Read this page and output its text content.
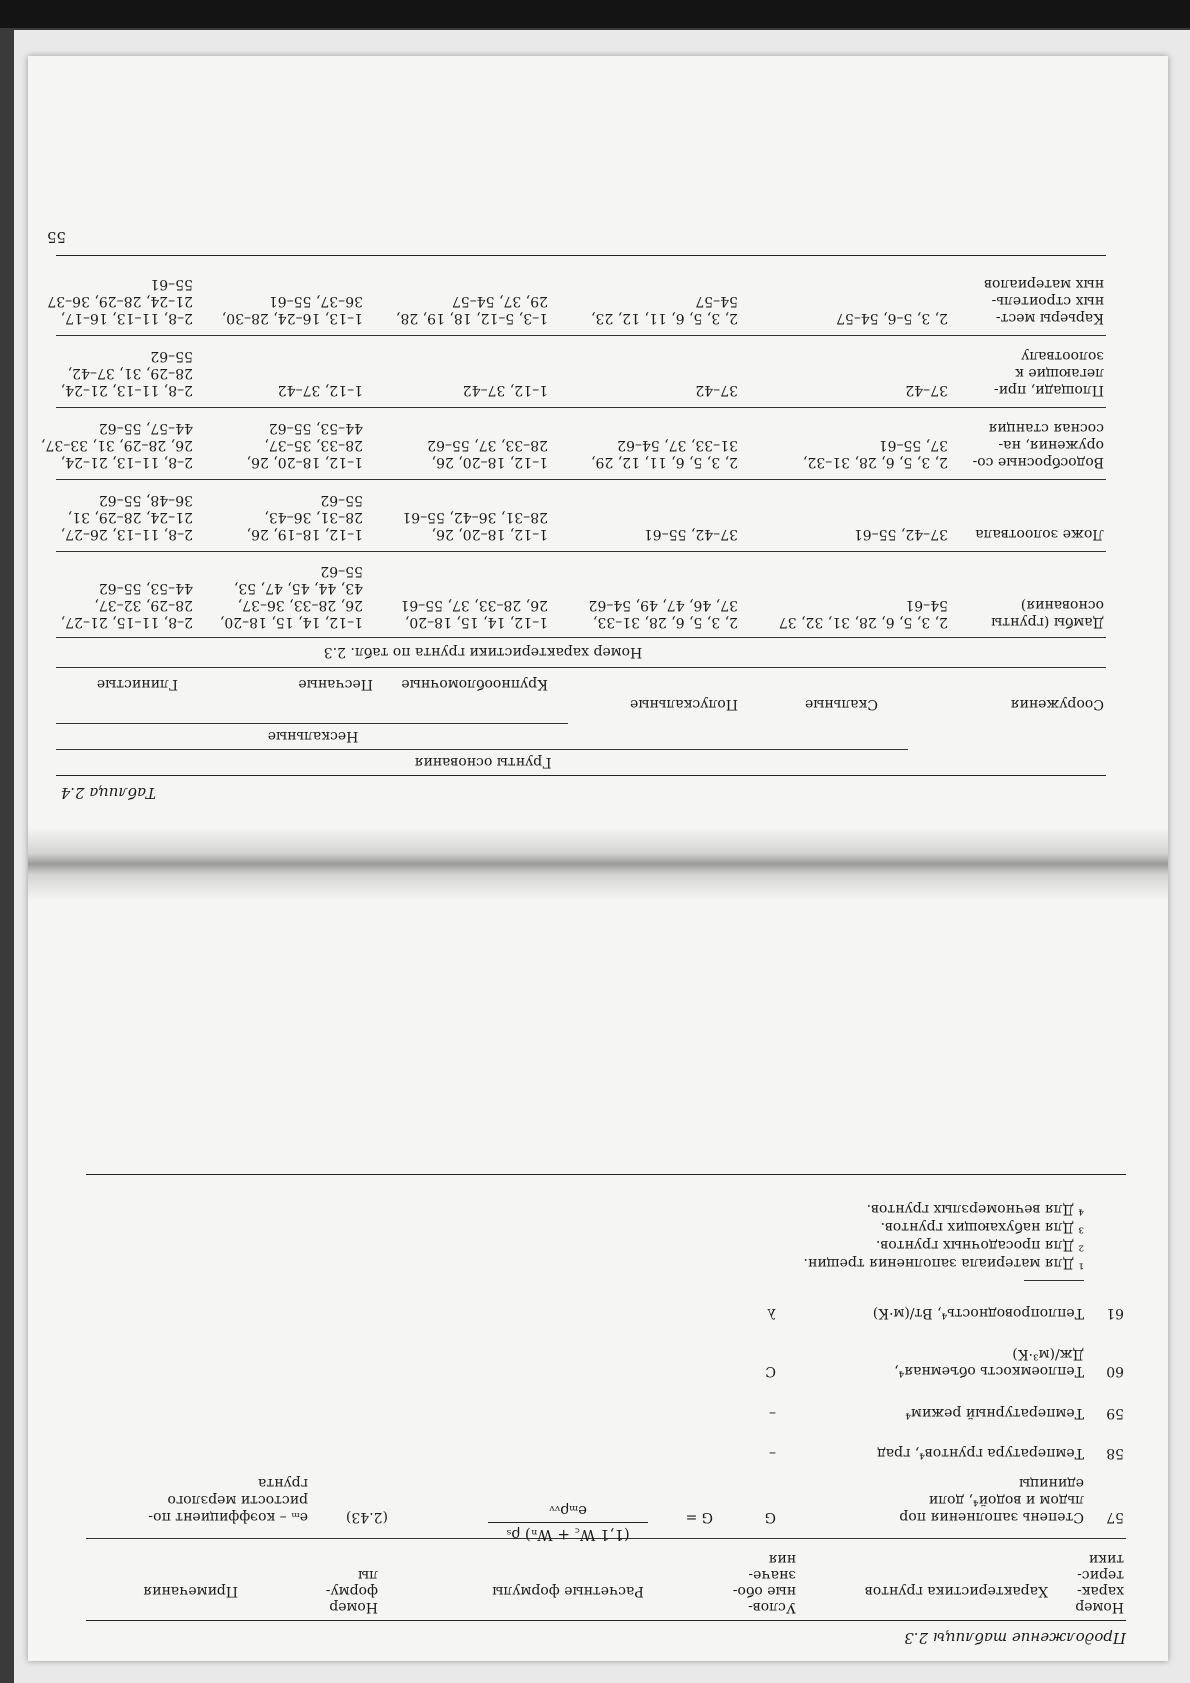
Продолжение таблицы 2.3
Номер
харак-
терис-
тики
Характеристика грунтов
Услов-
ные обо-
значе-
ния
Расчетные формулы
Номер
форму-
лы
Примечания
57
Степень заполнения пор
льдом и водой⁴, доли
единицы
G
G =
(1,1 W꜀ + Wₙ) ρₛ
eₘρᵥᵥ
(2.43)
eₘ – коэффициент по-
ристости мерзлого
грунта
58
Температура грунтов⁴, град
–
59
Температурный режим⁴
–
60
Теплоемкость объемная⁴,
Дж/(м³·К)
C
61
Теплопроводность⁴, Вт/(м·К)
λ
¹ Для материала заполнения трещин.
² Для просадочных грунтов.
³ Для набухающих грунтов.
⁴ Для вечномерзлых грунтов.
Таблица 2.4
Сооружения
Грунты основания
Скальные
Полускальные
Нескальные
Крупнообломочные
Песчаные
Глинистые
Номер характеристики грунта по табл. 2.3
Дамбы (грунты
основания)
2, 3, 5, 6, 28, 31, 32, 37
54–61
2, 3, 5, 6, 28, 31–33,
37, 46, 47, 49, 54–62
1–12, 14, 15, 18–20,
26, 28–33, 37, 55–61
1–12, 14, 15, 18–20,
26, 28–33, 36–37,
43, 44, 45, 47, 53,
55–62
2–8, 11–15, 21–27,
28–29, 32–37,
44–53, 55–62
Ложе золоотвала
37–42, 55–61
37–42, 55–61
1–12, 18–20, 26,
28–31, 36–42, 55–61
1–12, 18–19, 26,
28–31, 36–43,
55–62
2–8, 11–13, 26–27,
21–24, 28–29, 31,
36–48, 55–62
Водосбросные со-
оружения, на-
сосная станция
2, 3, 5, 6, 28, 31–32,
37, 55–61
2, 3, 5, 6, 11, 12, 29,
31–33, 37, 54–62
1–12, 18–20, 26,
28–33, 37, 55–62
1–12, 18–20, 26,
28–33, 35–37,
44–53, 55–62
2–8, 11–13, 21–24,
26, 28–29, 31, 33–37,
44–57, 55–62
Площади, при-
легающие к
золоотвалу
37–42
37–42
1–12, 37–42
1–12, 37–42
2–8, 11–13, 21–24,
28–29, 31, 37–42,
55–62
Карьеры мест-
ных строитель-
ных материалов
2, 3, 5–6, 54–57
2, 3, 5, 6, 11, 12, 23,
54–57
1–3, 5–12, 18, 19, 28,
29, 37, 54–57
1–13, 16–24, 28–30,
36–37, 55–61
2–8, 11–13, 16–17,
21–24, 28–29, 36–37
55–61
55
